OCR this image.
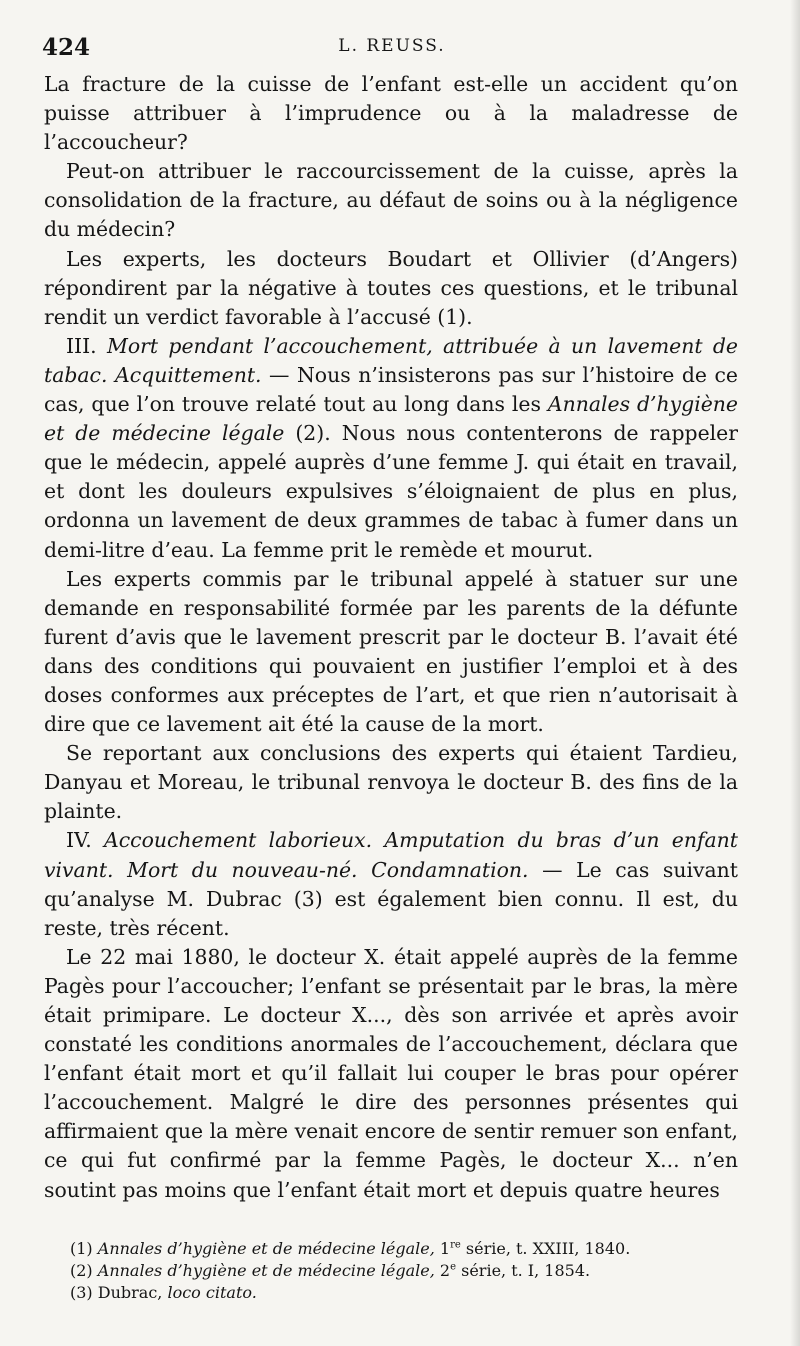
424	L. REUSS.

La fracture de la cuisse de l’enfant est-elle un accident qu’on puisse attribuer à l’imprudence ou à la maladresse de l’accoucheur?

Peut-on attribuer le raccourcissement de la cuisse, après la consolidation de la fracture, au défaut de soins ou à la négligence du médecin?

Les experts, les docteurs Boudart et Ollivier (d’Angers) répondirent par la négative à toutes ces questions, et le tribunal rendit un verdict favorable à l’accusé (1).

III. Mort pendant l’accouchement, attribuée à un lavement de tabac. Acquittement. — Nous n’insisterons pas sur l’histoire de ce cas, que l’on trouve relaté tout au long dans les Annales d’hygiène et de médecine légale (2). Nous nous contenterons de rappeler que le médecin, appelé auprès d’une femme J. qui était en travail, et dont les douleurs expulsives s’éloignaient de plus en plus, ordonna un lavement de deux grammes de tabac à fumer dans un demi-litre d’eau. La femme prit le remède et mourut.

Les experts commis par le tribunal appelé à statuer sur une demande en responsabilité formée par les parents de la défunte furent d’avis que le lavement prescrit par le docteur B. l’avait été dans des conditions qui pouvaient en justifier l’emploi et à des doses conformes aux préceptes de l’art, et que rien n’autorisait à dire que ce lavement ait été la cause de la mort.

Se reportant aux conclusions des experts qui étaient Tardieu, Danyau et Moreau, le tribunal renvoya le docteur B. des fins de la plainte.

IV. Accouchement laborieux. Amputation du bras d’un enfant vivant. Mort du nouveau-né. Condamnation. — Le cas suivant qu’analyse M. Dubrac (3) est également bien connu. Il est, du reste, très récent.

Le 22 mai 1880, le docteur X. était appelé auprès de la femme Pagès pour l’accoucher; l’enfant se présentait par le bras, la mère était primipare. Le docteur X..., dès son arrivée et après avoir constaté les conditions anormales de l’accouchement, déclara que l’enfant était mort et qu’il fallait lui couper le bras pour opérer l’accouchement. Malgré le dire des personnes présentes qui affirmaient que la mère venait encore de sentir remuer son enfant, ce qui fut confirmé par la femme Pagès, le docteur X... n’en soutint pas moins que l’enfant était mort et depuis quatre heures

(1) Annales d’hygiène et de médecine légale, 1re série, t. XXIII, 1840.

(2) Annales d’hygiène et de médecine légale, 2e série, t. I, 1854.

(3) Dubrac, loco citato.
